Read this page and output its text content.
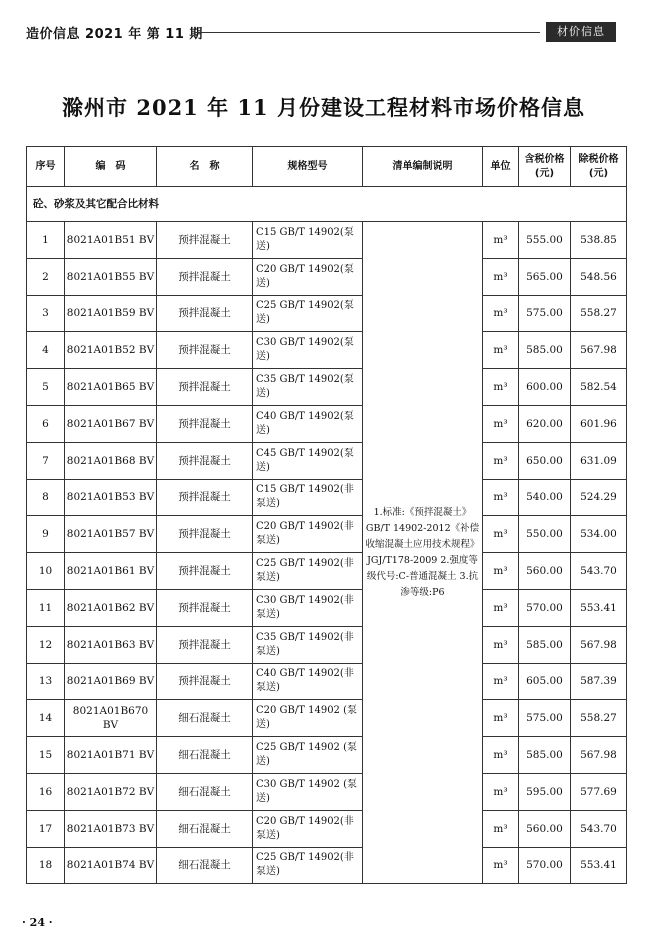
造价信息 2021 年 第 11 期	材价信息
滁州市 2021 年 11 月份建设工程材料市场价格信息
序号	编　码	名　称	规格型号	清单编制说明	单位	含税价格(元)	除税价格(元)
砼、砂浆及其它配合比材料							
1	8021A01B51 BV	预拌混凝土	C15 GB/T 14902(泵送)	1.标准:《预拌混凝土》GB/T 14902-2012《补偿收缩混凝土应用技术规程》JGJ/T178-2009 2.强度等级代号:C-普通混凝土 3.抗渗等级:P6	m³	555.00	538.85
2	8021A01B55 BV	预拌混凝土	C20 GB/T 14902(泵送)		m³	565.00	548.56
3	8021A01B59 BV	预拌混凝土	C25 GB/T 14902(泵送)		m³	575.00	558.27
4	8021A01B52 BV	预拌混凝土	C30 GB/T 14902(泵送)		m³	585.00	567.98
5	8021A01B65 BV	预拌混凝土	C35 GB/T 14902(泵送)		m³	600.00	582.54
6	8021A01B67 BV	预拌混凝土	C40 GB/T 14902(泵送)		m³	620.00	601.96
7	8021A01B68 BV	预拌混凝土	C45 GB/T 14902(泵送)		m³	650.00	631.09
8	8021A01B53 BV	预拌混凝土	C15 GB/T 14902(非泵送)		m³	540.00	524.29
9	8021A01B57 BV	预拌混凝土	C20 GB/T 14902(非泵送)		m³	550.00	534.00
10	8021A01B61 BV	预拌混凝土	C25 GB/T 14902(非泵送)		m³	560.00	543.70
11	8021A01B62 BV	预拌混凝土	C30 GB/T 14902(非泵送)		m³	570.00	553.41
12	8021A01B63 BV	预拌混凝土	C35 GB/T 14902(非泵送)		m³	585.00	567.98
13	8021A01B69 BV	预拌混凝土	C40 GB/T 14902(非泵送)		m³	605.00	587.39
14	8021A01B670 BV	细石混凝土	C20 GB/T 14902 (泵送)		m³	575.00	558.27
15	8021A01B71 BV	细石混凝土	C25 GB/T 14902 (泵送)		m³	585.00	567.98
16	8021A01B72 BV	细石混凝土	C30 GB/T 14902 (泵送)		m³	595.00	577.69
17	8021A01B73 BV	细石混凝土	C20 GB/T 14902(非泵送)		m³	560.00	543.70
18	8021A01B74 BV	细石混凝土	C25 GB/T 14902(非泵送)		m³	570.00	553.41
· 24 ·
